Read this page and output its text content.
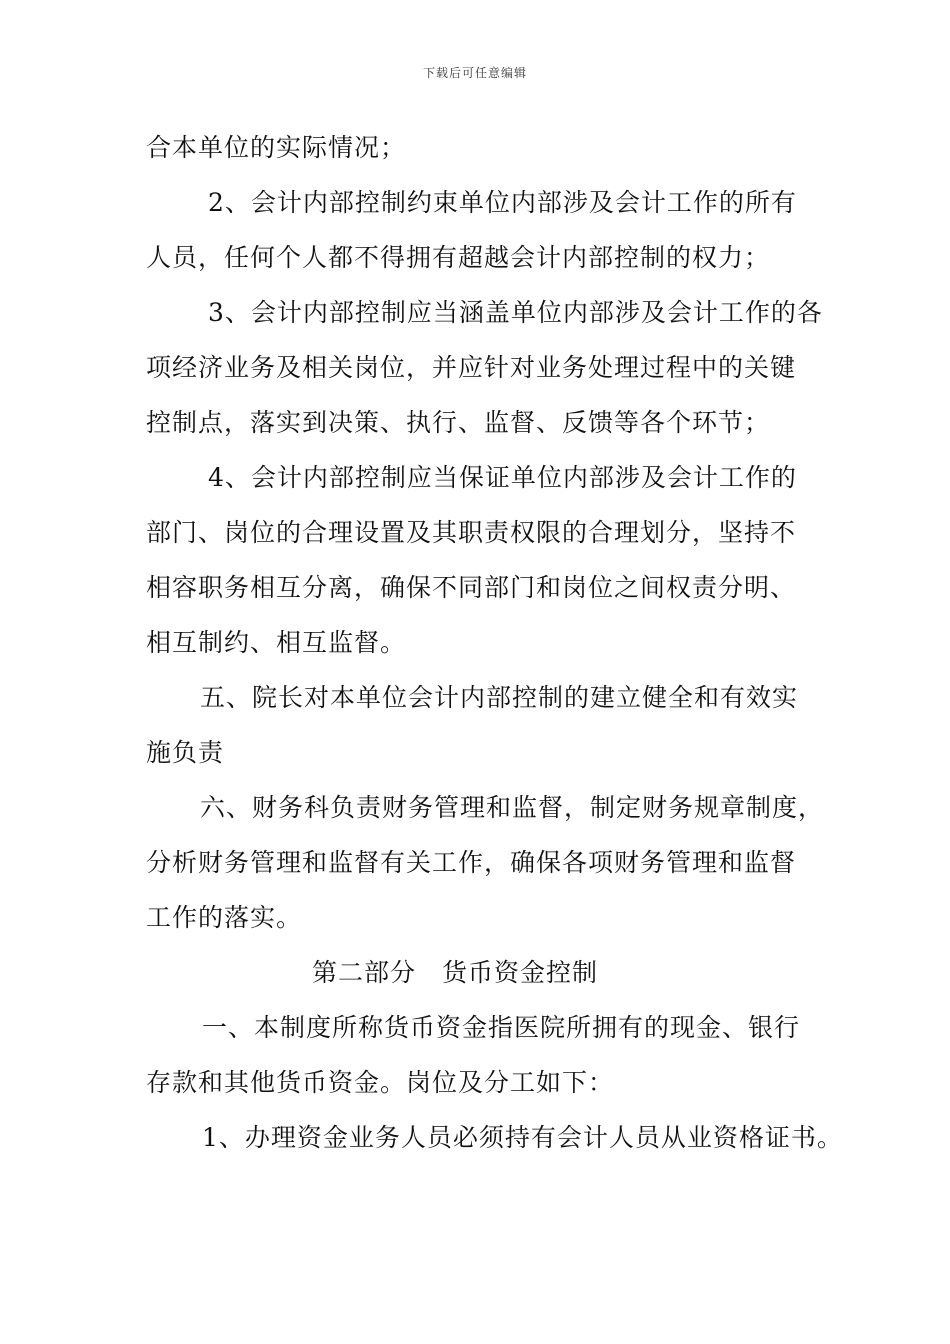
下载后可任意编辑
合本单位的实际情况；
2、会计内部控制约束单位内部涉及会计工作的所有
人员，任何个人都不得拥有超越会计内部控制的权力；
3、会计内部控制应当涵盖单位内部涉及会计工作的各
项经济业务及相关岗位，并应针对业务处理过程中的关键
控制点，落实到决策、执行、监督、反馈等各个环节；
4、会计内部控制应当保证单位内部涉及会计工作的
部门、岗位的合理设置及其职责权限的合理划分，坚持不
相容职务相互分离，确保不同部门和岗位之间权责分明、
相互制约、相互监督。
五、院长对本单位会计内部控制的建立健全和有效实
施负责
六、财务科负责财务管理和监督，制定财务规章制度，
分析财务管理和监督有关工作，确保各项财务管理和监督
工作的落实。
第二部分　货币资金控制
一、本制度所称货币资金指医院所拥有的现金、银行
存款和其他货币资金。岗位及分工如下：
1、办理资金业务人员必须持有会计人员从业资格证书。
